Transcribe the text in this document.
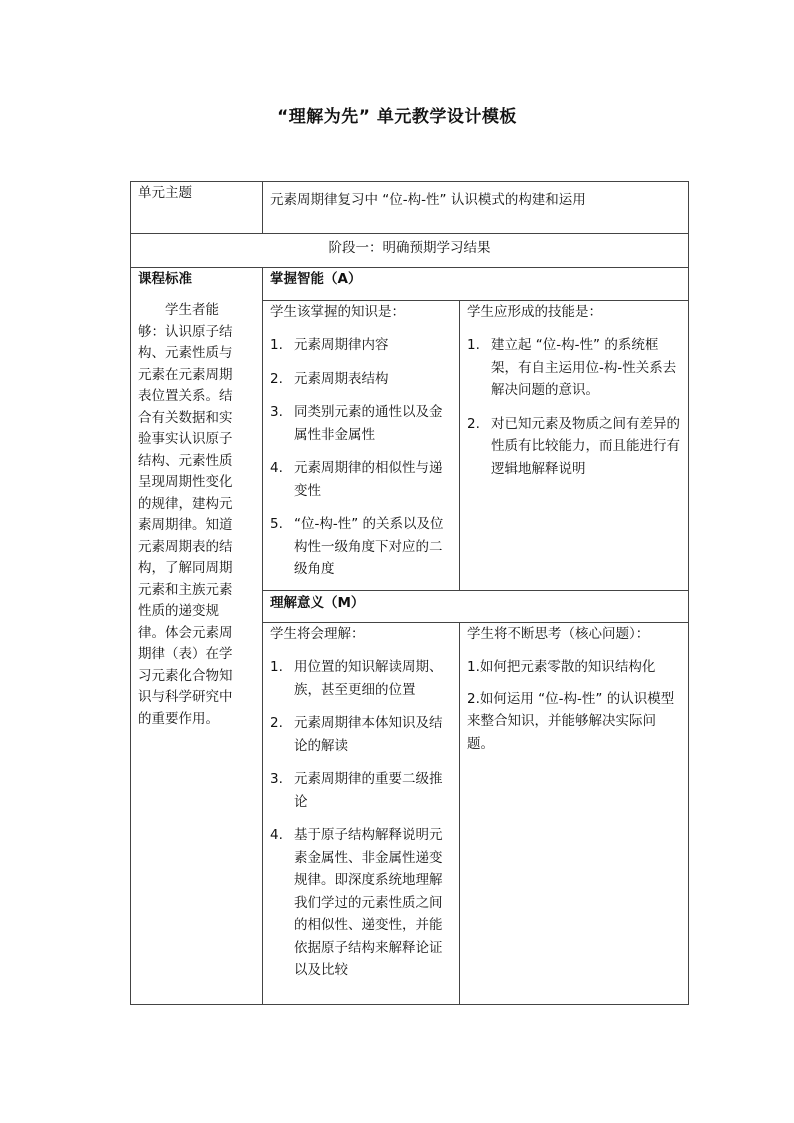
“理解为先” 单元教学设计模板
单元主题	元素周期律复习中 “位-构-性” 认识模式的构建和运用
阶段一：明确预期学习结果
课程标准

学生者能够：认识原子结构、元素性质与元素在元素周期表位置关系。结合有关数据和实验事实认识原子结构、元素性质呈现周期性变化的规律，建构元素周期律。知道元素周期表的结构，了解同周期元素和主族元素性质的递变规律。体会元素周期律（表）在学习元素化合物知识与科学研究中的重要作用。

掌握智能（A）
学生该掌握的知识是：
1. 元素周期律内容
2. 元素周期表结构
3. 同类别元素的通性以及金属性非金属性
4. 元素周期律的相似性与递变性
5. “位-构-性” 的关系以及位构性一级角度下对应的二级角度
学生应形成的技能是：
1. 建立起 “位-构-性” 的系统框架，有自主运用位-构-性关系去解决问题的意识。
2. 对已知元素及物质之间有差异的性质有比较能力，而且能进行有逻辑地解释说明
理解意义（M）
学生将会理解：
1. 用位置的知识解读周期、族，甚至更细的位置
2. 元素周期律本体知识及结论的解读
3. 元素周期律的重要二级推论
4. 基于原子结构解释说明元素金属性、非金属性递变规律。即深度系统地理解我们学过的元素性质之间的相似性、递变性，并能依据原子结构来解释论证以及比较
学生将不断思考（核心问题）：

1.如何把元素零散的知识结构化

2.如何运用 “位-构-性” 的认识模型来整合知识，并能够解决实际问题。
